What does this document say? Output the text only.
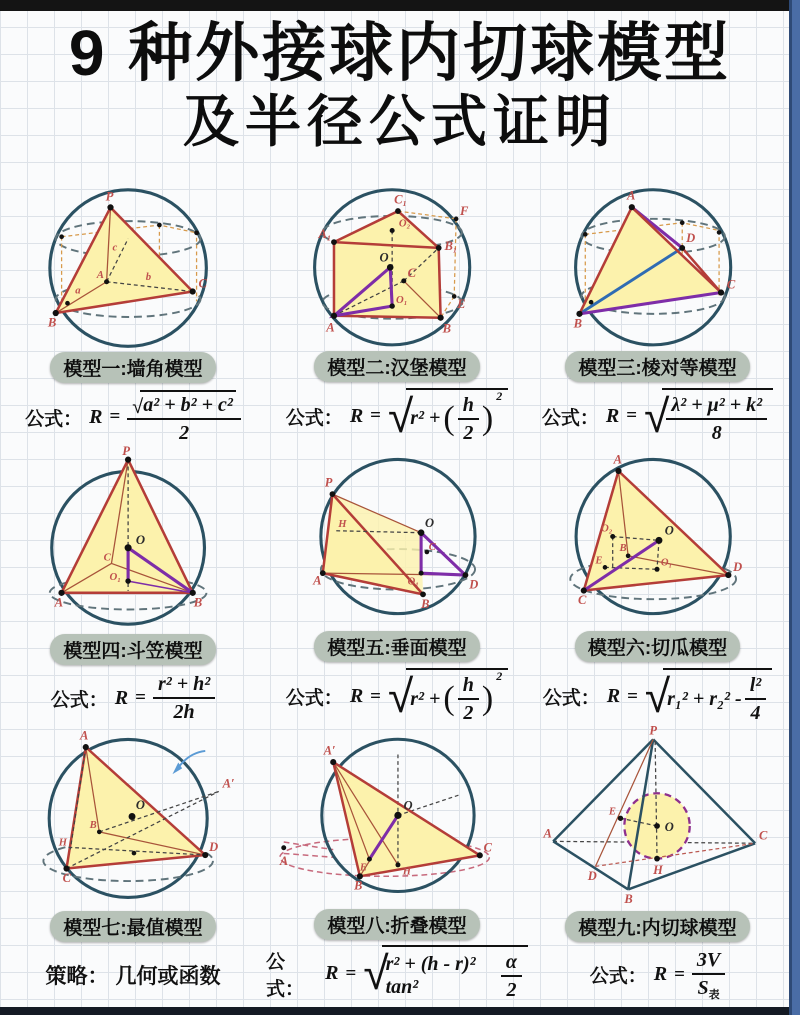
9 种外接球内切球模型
及半径公式证明
P
A
B
C
a
b
c
模型一:墙角模型
公式： $R = \frac{\text{√ a² + b² + c²}}{2}$
A₁
C₁
F
O₂
B₁
O
C
E
A	B
O₁
模型二:汉堡模型
公式： R = √
r² + ( $\frac{h}{2}$ )
2
A
B
C
D
模型三:棱对等模型
公式： R = √
$\frac{\text{λ² + μ² + k²}}{8}$
P
O
C
O₁
A	B
模型四:斗笠模型
公式： $R = \frac{\text{r² + h²}}{2h}$
P
H
A
O
C
O₁
B
D
模型五:垂面模型
公式： R = √
r² + ( $\frac{h}{2}$ )
2
A
O₂	O
B
E	O₁
C
D
模型六:切瓜模型
公式： R = √
$r_1^2 + r_2^2 - \frac{\text{l²}}{4}$
A
O
B
H
C
D
A′
模型七:最值模型
策略： 几何或函数
A′
O
E	H
B
C
A
模型八:折叠模型
公式：
R = √
r² + (h - r)² tan²	$\frac{\alpha}{2}$
P
E
A
D
B
H
C
O
模型九:内切球模型
公式： $R = \frac{3V}{S_表}$
